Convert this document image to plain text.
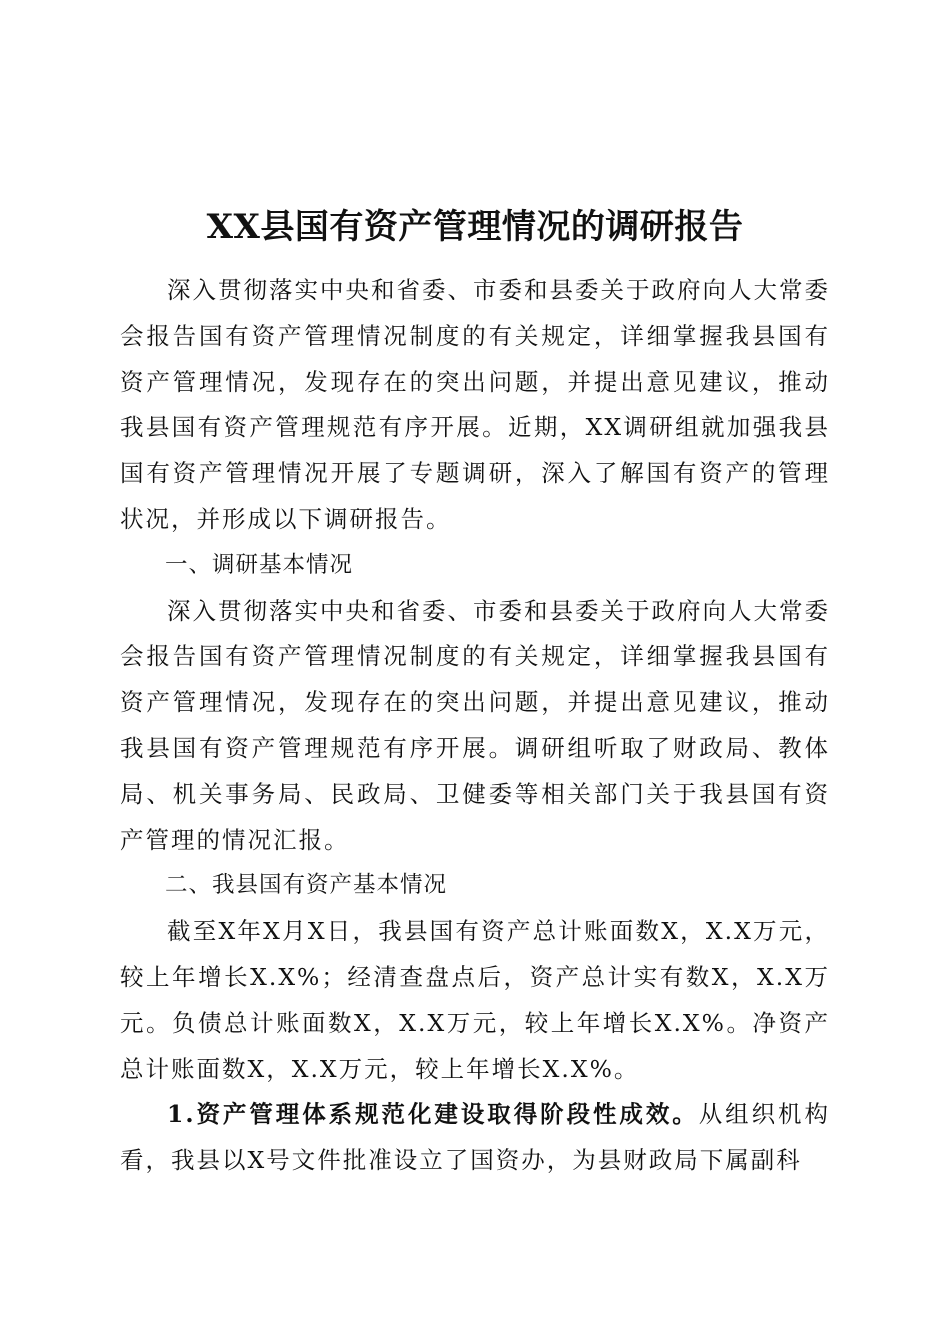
XX县国有资产管理情况的调研报告

深入贯彻落实中央和省委、市委和县委关于政府向人大常委会报告国有资产管理情况制度的有关规定，详细掌握我县国有资产管理情况，发现存在的突出问题，并提出意见建议，推动我县国有资产管理规范有序开展。近期，XX调研组就加强我县国有资产管理情况开展了专题调研，深入了解国有资产的管理状况，并形成以下调研报告。

一、调研基本情况

深入贯彻落实中央和省委、市委和县委关于政府向人大常委会报告国有资产管理情况制度的有关规定，详细掌握我县国有资产管理情况，发现存在的突出问题，并提出意见建议，推动我县国有资产管理规范有序开展。调研组听取了财政局、教体局、机关事务局、民政局、卫健委等相关部门关于我县国有资产管理的情况汇报。

二、我县国有资产基本情况

截至X年X月X日，我县国有资产总计账面数X，X.X万元，较上年增长X.X%；经清查盘点后，资产总计实有数X，X.X万元。负债总计账面数X，X.X万元，较上年增长X.X%。净资产总计账面数X，X.X万元，较上年增长X.X%。

1.资产管理体系规范化建设取得阶段性成效。从组织机构看，我县以X号文件批准设立了国资办，为县财政局下属副科
